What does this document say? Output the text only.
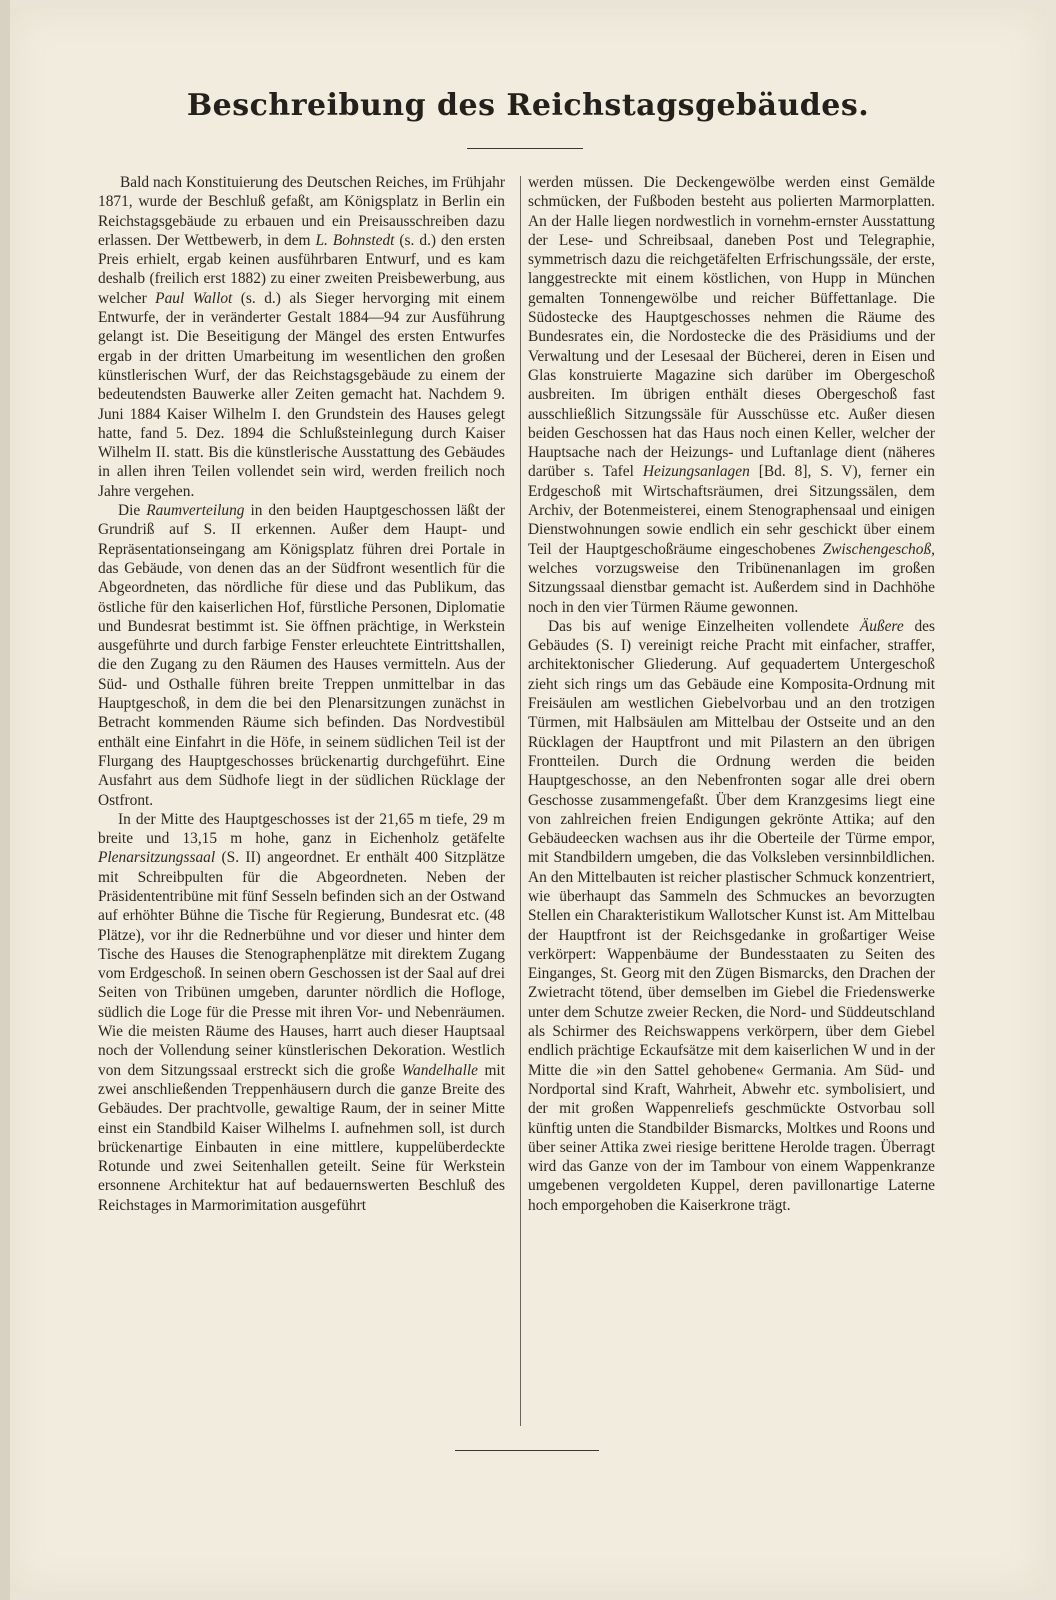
Beschreibung des Reichstagsgebäudes.

Bald nach Konstituierung des Deutschen Reiches, im Frühjahr 1871, wurde der Beschluß gefaßt, am Königsplatz in Berlin ein Reichstagsgebäude zu erbauen und ein Preisausschreiben dazu erlassen. Der Wettbewerb, in dem L. Bohnstedt (s. d.) den ersten Preis erhielt, ergab keinen ausführbaren Entwurf, und es kam deshalb (freilich erst 1882) zu einer zweiten Preisbewerbung, aus welcher Paul Wallot (s. d.) als Sieger hervorging mit einem Entwurfe, der in veränderter Gestalt 1884—94 zur Ausführung gelangt ist. Die Beseitigung der Mängel des ersten Entwurfes ergab in der dritten Umarbeitung im wesentlichen den großen künstlerischen Wurf, der das Reichstagsgebäude zu einem der bedeutendsten Bauwerke aller Zeiten gemacht hat. Nachdem 9. Juni 1884 Kaiser Wilhelm I. den Grundstein des Hauses gelegt hatte, fand 5. Dez. 1894 die Schlußsteinlegung durch Kaiser Wilhelm II. statt. Bis die künstlerische Ausstattung des Gebäudes in allen ihren Teilen vollendet sein wird, werden freilich noch Jahre vergehen.

Die Raumverteilung in den beiden Hauptgeschossen läßt der Grundriß auf S. II erkennen. Außer dem Haupt- und Repräsentationseingang am Königsplatz führen drei Portale in das Gebäude, von denen das an der Südfront wesentlich für die Abgeordneten, das nördliche für diese und das Publikum, das östliche für den kaiserlichen Hof, fürstliche Personen, Diplomatie und Bundesrat bestimmt ist. Sie öffnen prächtige, in Werkstein ausgeführte und durch farbige Fenster erleuchtete Eintrittshallen, die den Zugang zu den Räumen des Hauses vermitteln. Aus der Süd- und Osthalle führen breite Treppen unmittelbar in das Hauptgeschoß, in dem die bei den Plenarsitzungen zunächst in Betracht kommenden Räume sich befinden. Das Nordvestibül enthält eine Einfahrt in die Höfe, in seinem südlichen Teil ist der Flurgang des Hauptgeschosses brückenartig durchgeführt. Eine Ausfahrt aus dem Südhofe liegt in der südlichen Rücklage der Ostfront.

In der Mitte des Hauptgeschosses ist der 21,65 m tiefe, 29 m breite und 13,15 m hohe, ganz in Eichenholz getäfelte Plenarsitzungssaal (S. II) angeordnet. Er enthält 400 Sitzplätze mit Schreibpulten für die Abgeordneten. Neben der Präsidententribüne mit fünf Sesseln befinden sich an der Ostwand auf erhöhter Bühne die Tische für Regierung, Bundesrat etc. (48 Plätze), vor ihr die Rednerbühne und vor dieser und hinter dem Tische des Hauses die Stenographenplätze mit direktem Zugang vom Erdgeschoß. In seinen obern Geschossen ist der Saal auf drei Seiten von Tribünen umgeben, darunter nördlich die Hofloge, südlich die Loge für die Presse mit ihren Vor- und Nebenräumen. Wie die meisten Räume des Hauses, harrt auch dieser Hauptsaal noch der Vollendung seiner künstlerischen Dekoration. Westlich von dem Sitzungssaal erstreckt sich die große Wandelhalle mit zwei anschließenden Treppenhäusern durch die ganze Breite des Gebäudes. Der prachtvolle, gewaltige Raum, der in seiner Mitte einst ein Standbild Kaiser Wilhelms I. aufnehmen soll, ist durch brückenartige Einbauten in eine mittlere, kuppelüberdeckte Rotunde und zwei Seitenhallen geteilt. Seine für Werkstein ersonnene Architektur hat auf bedauernswerten Beschluß des Reichstages in Marmorimitation ausgeführt

werden müssen. Die Deckengewölbe werden einst Gemälde schmücken, der Fußboden besteht aus polierten Marmorplatten. An der Halle liegen nordwestlich in vornehm-ernster Ausstattung der Lese- und Schreibsaal, daneben Post und Telegraphie, symmetrisch dazu die reichgetäfelten Erfrischungssäle, der erste, langgestreckte mit einem köstlichen, von Hupp in München gemalten Tonnengewölbe und reicher Büffettanlage. Die Südostecke des Hauptgeschosses nehmen die Räume des Bundesrates ein, die Nordostecke die des Präsidiums und der Verwaltung und der Lesesaal der Bücherei, deren in Eisen und Glas konstruierte Magazine sich darüber im Obergeschoß ausbreiten. Im übrigen enthält dieses Obergeschoß fast ausschließlich Sitzungssäle für Ausschüsse etc. Außer diesen beiden Geschossen hat das Haus noch einen Keller, welcher der Hauptsache nach der Heizungs- und Luftanlage dient (näheres darüber s. Tafel Heizungsanlagen [Bd. 8], S. V), ferner ein Erdgeschoß mit Wirtschaftsräumen, drei Sitzungssälen, dem Archiv, der Botenmeisterei, einem Stenographensaal und einigen Dienstwohnungen sowie endlich ein sehr geschickt über einem Teil der Hauptgeschoßräume eingeschobenes Zwischengeschoß, welches vorzugsweise den Tribünenanlagen im großen Sitzungssaal dienstbar gemacht ist. Außerdem sind in Dachhöhe noch in den vier Türmen Räume gewonnen.

Das bis auf wenige Einzelheiten vollendete Äußere des Gebäudes (S. I) vereinigt reiche Pracht mit einfacher, straffer, architektonischer Gliederung. Auf gequadertem Untergeschoß zieht sich rings um das Gebäude eine Komposita-Ordnung mit Freisäulen am westlichen Giebelvorbau und an den trotzigen Türmen, mit Halbsäulen am Mittelbau der Ostseite und an den Rücklagen der Hauptfront und mit Pilastern an den übrigen Frontteilen. Durch die Ordnung werden die beiden Hauptgeschosse, an den Nebenfronten sogar alle drei obern Geschosse zusammengefaßt. Über dem Kranzgesims liegt eine von zahlreichen freien Endigungen gekrönte Attika; auf den Gebäudeecken wachsen aus ihr die Oberteile der Türme empor, mit Standbildern umgeben, die das Volksleben versinnbildlichen. An den Mittelbauten ist reicher plastischer Schmuck konzentriert, wie überhaupt das Sammeln des Schmuckes an bevorzugten Stellen ein Charakteristikum Wallotscher Kunst ist. Am Mittelbau der Hauptfront ist der Reichsgedanke in großartiger Weise verkörpert: Wappenbäume der Bundesstaaten zu Seiten des Einganges, St. Georg mit den Zügen Bismarcks, den Drachen der Zwietracht tötend, über demselben im Giebel die Friedenswerke unter dem Schutze zweier Recken, die Nord- und Süddeutschland als Schirmer des Reichswappens verkörpern, über dem Giebel endlich prächtige Eckaufsätze mit dem kaiserlichen W und in der Mitte die »in den Sattel gehobene« Germania. Am Süd- und Nordportal sind Kraft, Wahrheit, Abwehr etc. symbolisiert, und der mit großen Wappenreliefs geschmückte Ostvorbau soll künftig unten die Standbilder Bismarcks, Moltkes und Roons und über seiner Attika zwei riesige berittene Herolde tragen. Überragt wird das Ganze von der im Tambour von einem Wappenkranze umgebenen vergoldeten Kuppel, deren pavillonartige Laterne hoch emporgehoben die Kaiserkrone trägt.
